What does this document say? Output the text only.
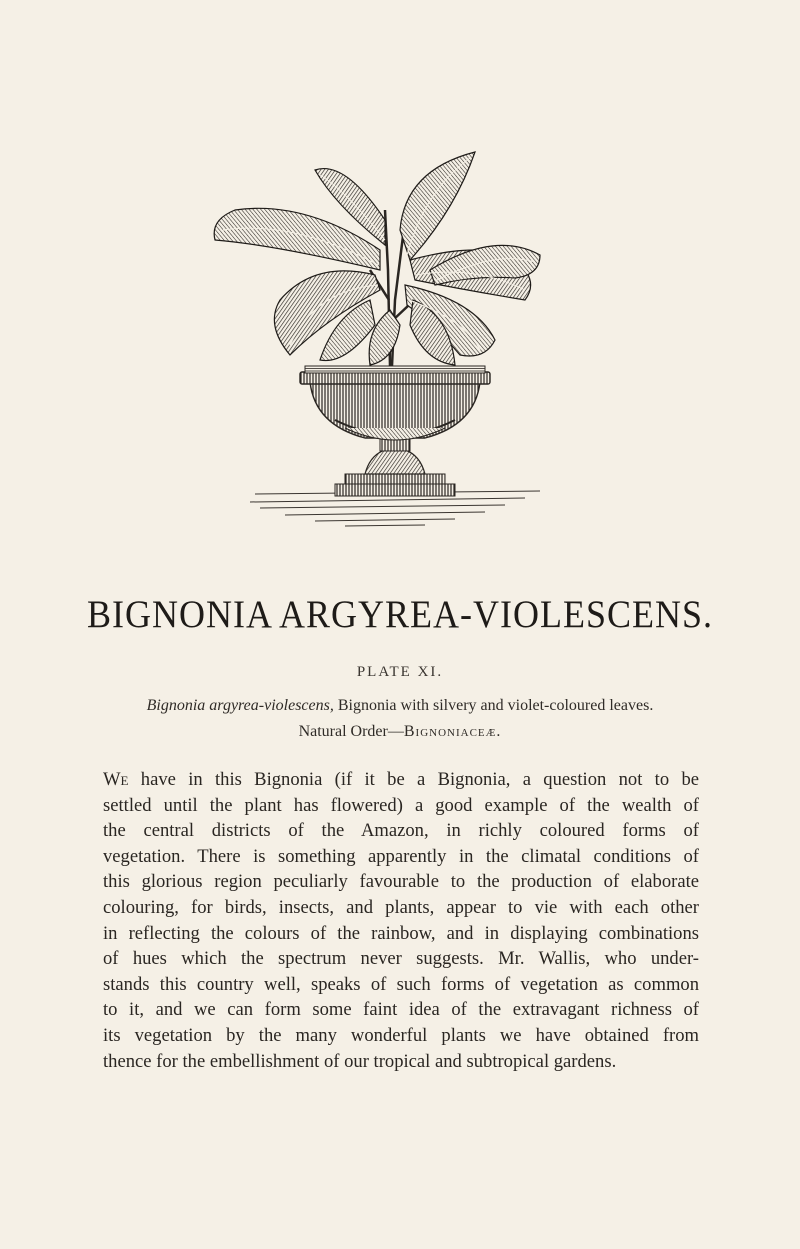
BIGNONIA ARGYREA-VIOLESCENS.
PLATE XI.
Bignonia argyrea-violescens, Bignonia with silvery and violet-coloured leaves.
Natural Order—Bignoniaceæ.
We have in this Bignonia (if it be a Bignonia, a question not to be
settled until the plant has flowered) a good example of the wealth of
the central districts of the Amazon, in richly coloured forms of
vegetation. There is something apparently in the climatal conditions of
this glorious region peculiarly favourable to the production of elaborate
colouring, for birds, insects, and plants, appear to vie with each other
in reflecting the colours of the rainbow, and in displaying combinations
of hues which the spectrum never suggests. Mr. Wallis, who under-
stands this country well, speaks of such forms of vegetation as common
to it, and we can form some faint idea of the extravagant richness of
its vegetation by the many wonderful plants we have obtained from
thence for the embellishment of our tropical and subtropical gardens.
